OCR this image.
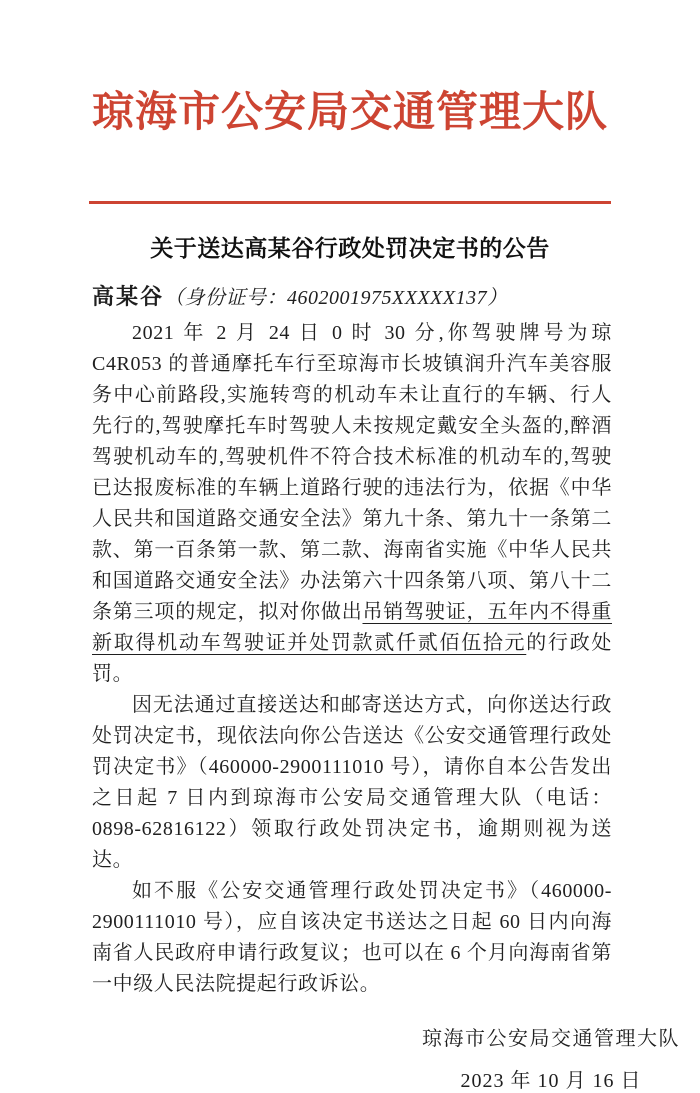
琼海市公安局交通管理大队
关于送达高某谷行政处罚决定书的公告

高某谷（身份证号：4602001975XXXXX137）

2021 年 2 月 24 日 0 时 30 分,你驾驶牌号为琼 C4R053 的普通摩托车行至琼海市长坡镇润升汽车美容服务中心前路段,实施转弯的机动车未让直行的车辆、行人先行的,驾驶摩托车时驾驶人未按规定戴安全头盔的,醉酒驾驶机动车的,驾驶机件不符合技术标准的机动车的,驾驶已达报废标准的车辆上道路行驶的违法行为，依据《中华人民共和国道路交通安全法》第九十条、第九十一条第二款、第一百条第一款、第二款、海南省实施《中华人民共和国道路交通安全法》办法第六十四条第八项、第八十二条第三项的规定，拟对你做出吊销驾驶证，五年内不得重新取得机动车驾驶证并处罚款贰仟贰佰伍拾元的行政处罚。

因无法通过直接送达和邮寄送达方式，向你送达行政处罚决定书，现依法向你公告送达《公安交通管理行政处罚决定书》（460000-2900111010 号），请你自本公告发出之日起 7 日内到琼海市公安局交通管理大队（电话：0898-62816122）领取行政处罚决定书，逾期则视为送达。

如不服《公安交通管理行政处罚决定书》（460000-2900111010 号），应自该决定书送达之日起 60 日内向海南省人民政府申请行政复议；也可以在 6 个月向海南省第一中级人民法院提起行政诉讼。

琼海市公安局交通管理大队
2023 年 10 月 16 日
